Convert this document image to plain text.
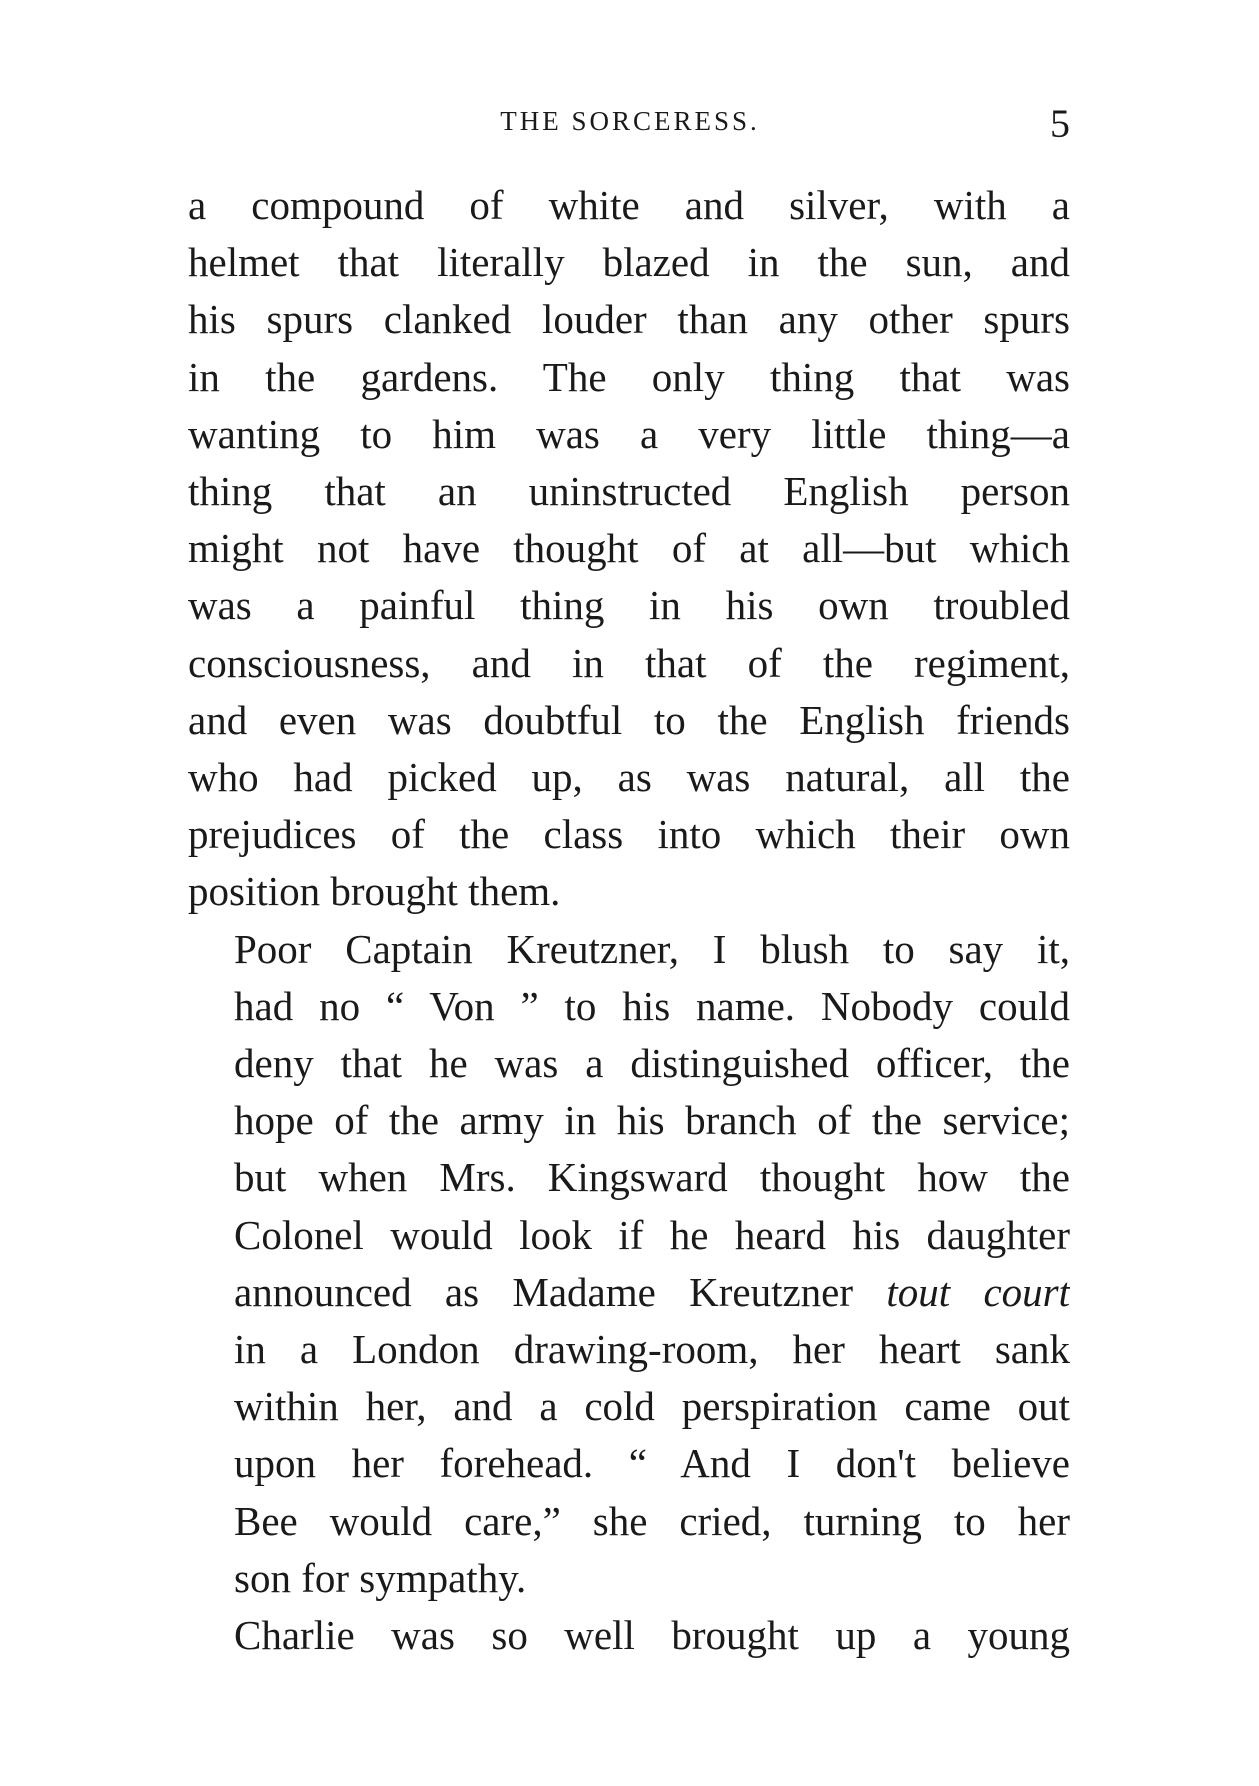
THE SORCERESS.	5

a compound of white and silver, with a
helmet that literally blazed in the sun, and
his spurs clanked louder than any other spurs
in the gardens. The only thing that was
wanting to him was a very little thing—a
thing that an uninstructed English person
might not have thought of at all—but which
was a painful thing in his own troubled
consciousness, and in that of the regiment,
and even was doubtful to the English friends
who had picked up, as was natural, all the
prejudices of the class into which their own
position brought them.

Poor Captain Kreutzner, I blush to say it,
had no “ Von ” to his name. Nobody could
deny that he was a distinguished officer, the
hope of the army in his branch of the service;
but when Mrs. Kingsward thought how the
Colonel would look if he heard his daughter
announced as Madame Kreutzner tout court
in a London drawing-room, her heart sank
within her, and a cold perspiration came out
upon her forehead. “ And I don't believe
Bee would care,” she cried, turning to her
son for sympathy.

Charlie was so well brought up a young
